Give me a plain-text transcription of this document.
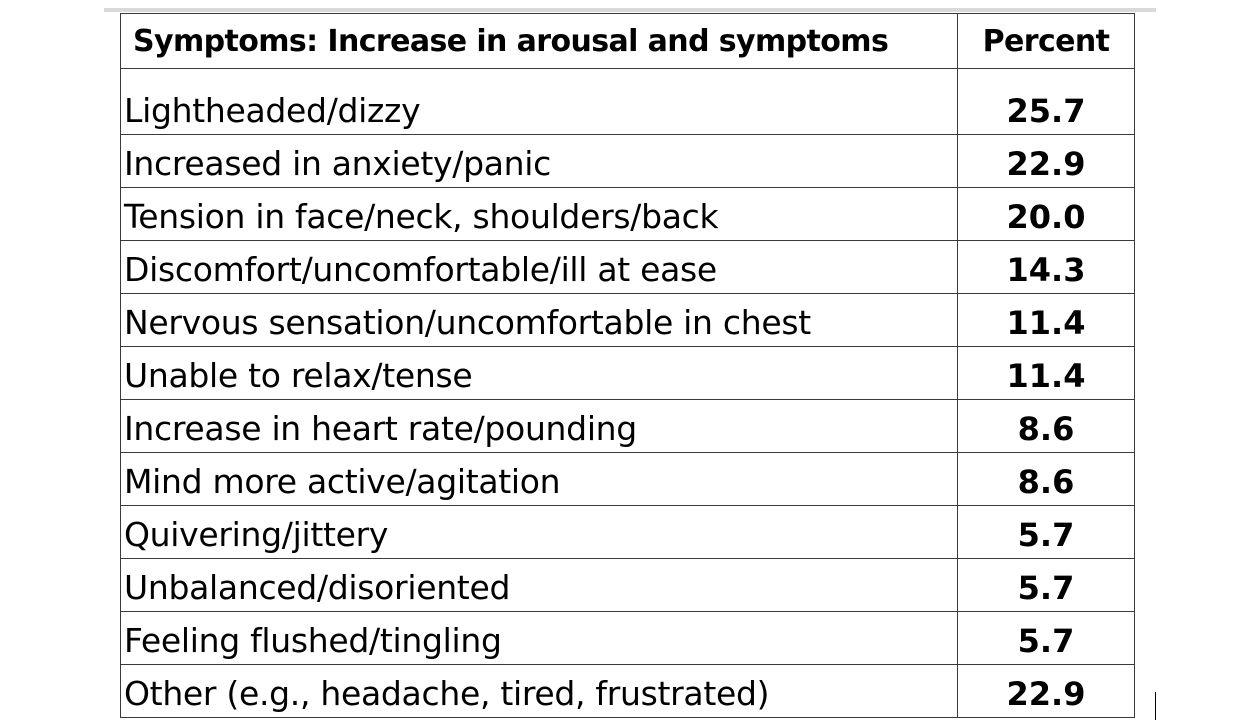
Symptoms: Increase in arousal and symptoms	Percent
Lightheaded/dizzy	25.7
Increased in anxiety/panic	22.9
Tension in face/neck, shoulders/back	20.0
Discomfort/uncomfortable/ill at ease	14.3
Nervous sensation/uncomfortable in chest	11.4
Unable to relax/tense	11.4
Increase in heart rate/pounding	8.6
Mind more active/agitation	8.6
Quivering/jittery	5.7
Unbalanced/disoriented	5.7
Feeling flushed/tingling	5.7
Other (e.g., headache, tired, frustrated)	22.9
